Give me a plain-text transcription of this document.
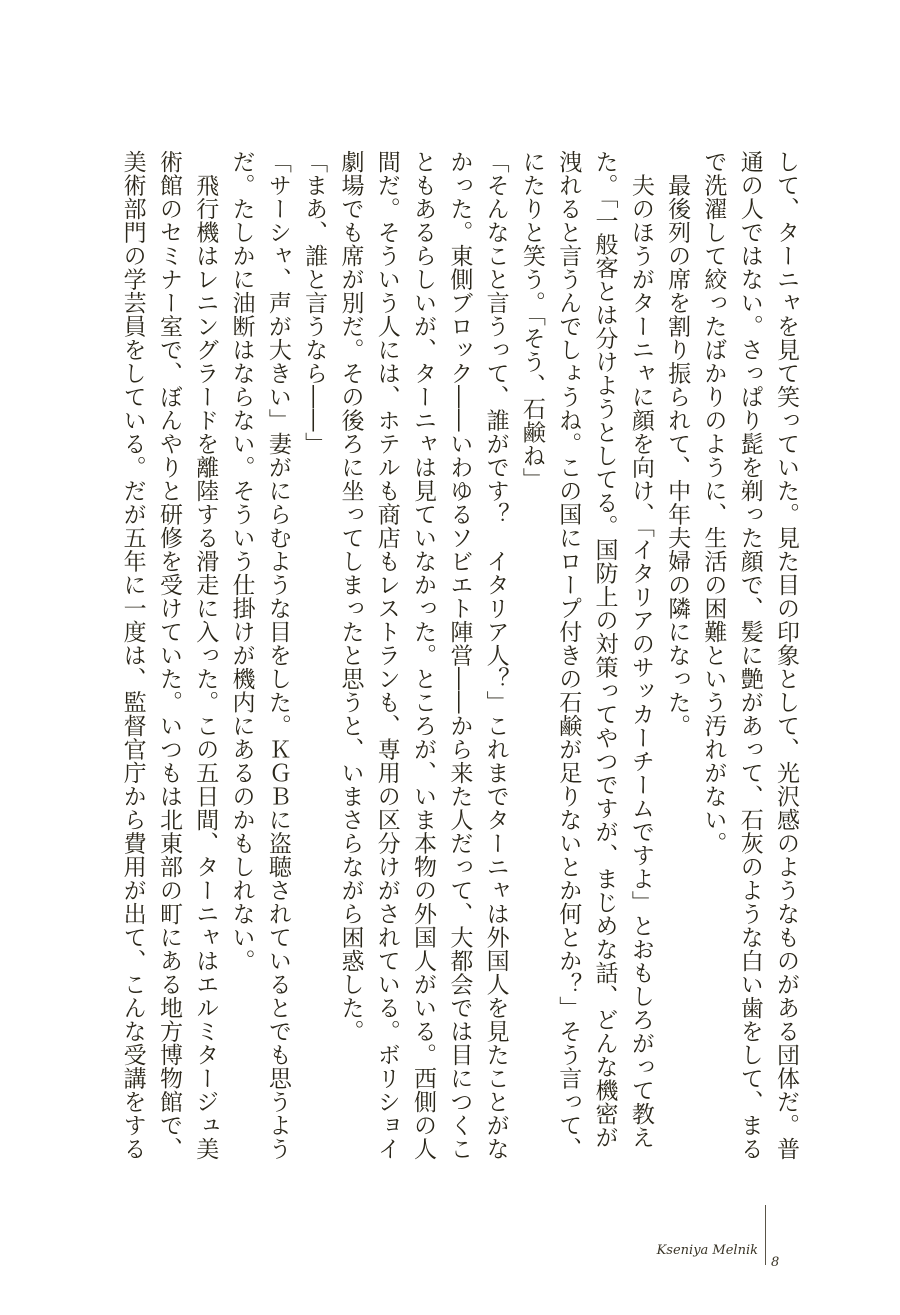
して、ターニャを見て笑っていた。見た目の印象として、光沢感のようなものがある団体だ。普
通の人ではない。さっぱり髭を剃った顔で、髪に艶があって、石灰のような白い歯をして、まる
で洗濯して絞ったばかりのように、生活の困難という汚れがない。
　最後列の席を割り振られて、中年夫婦の隣になった。
　夫のほうがターニャに顔を向け、「イタリアのサッカーチームですよ」とおもしろがって教え
た。「一般客とは分けようとしてる。国防上の対策ってやつですが、まじめな話、どんな機密が
洩れると言うんでしょうね。この国にロープ付きの石鹸が足りないとか何とか？」そう言って、
にたりと笑う。「そう、石鹸ね」
「そんなこと言うって、誰がです？　イタリア人？」これまでターニャは外国人を見たことがな
かった。東側ブロック――いわゆるソビエト陣営――から来た人だって、大都会では目につくこ
ともあるらしいが、ターニャは見ていなかった。ところが、いま本物の外国人がいる。西側の人
間だ。そういう人には、ホテルも商店もレストランも、専用の区分けがされている。ボリショイ
劇場でも席が別だ。その後ろに坐ってしまったと思うと、いまさらながら困惑した。
「まあ、誰と言うなら――」
「サーシャ、声が大きい」妻がにらむような目をした。ＫＧＢに盗聴されているとでも思うよう
だ。たしかに油断はならない。そういう仕掛けが機内にあるのかもしれない。
　飛行機はレニングラードを離陸する滑走に入った。この五日間、ターニャはエルミタージュ美
術館のセミナー室で、ぼんやりと研修を受けていた。いつもは北東部の町にある地方博物館で、
美術部門の学芸員をしている。だが五年に一度は、監督官庁から費用が出て、こんな受講をする
Kseniya Melnik
8
